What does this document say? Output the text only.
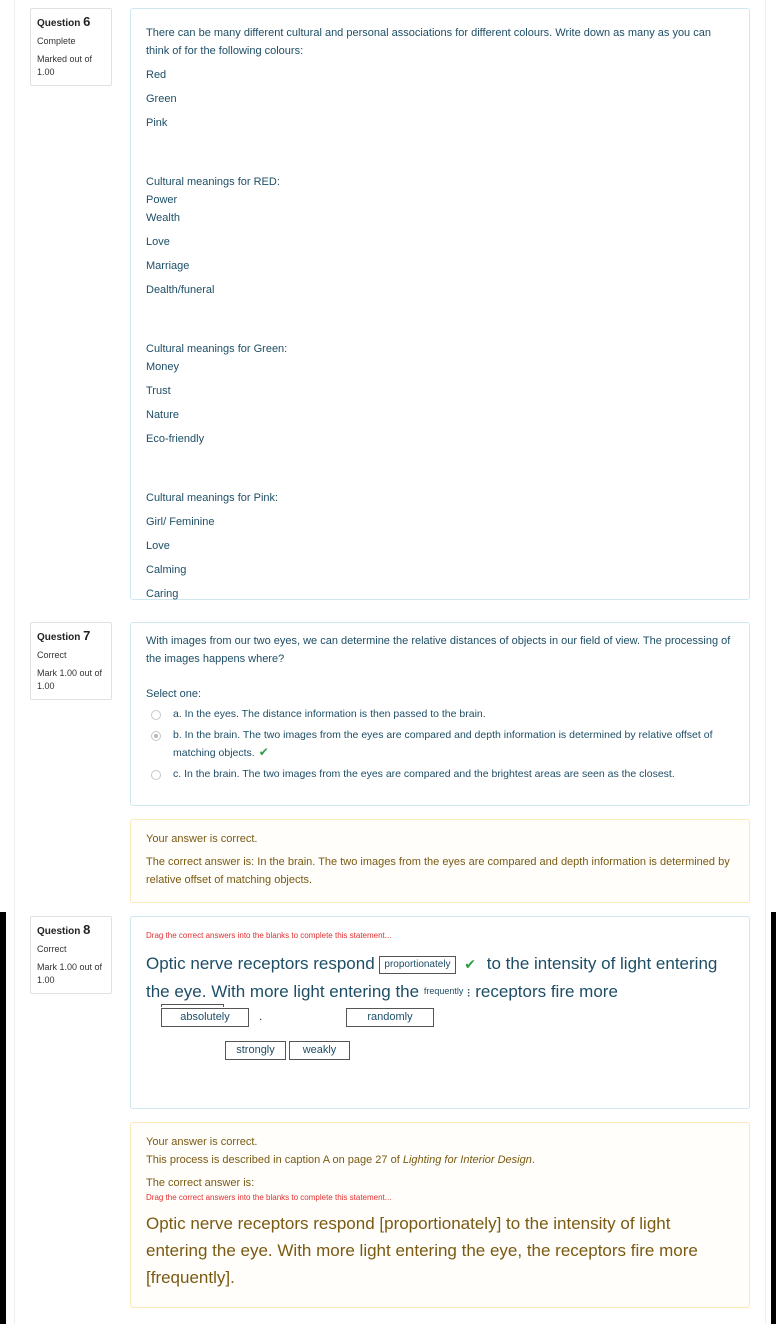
Question 6
Complete
Marked out of 1.00
There can be many different cultural and personal associations for different colours. Write down as many as you can think of for the following colours:
Red
Green
Pink
Cultural meanings for RED:
Power
Wealth
Love
Marriage
Dealth/funeral
Cultural meanings for Green:
Money
Trust
Nature
Eco-friendly
Cultural meanings for Pink:
Girl/ Feminine
Love
Calming
Caring
Question 7
Correct
Mark 1.00 out of 1.00
With images from our two eyes, we can determine the relative distances of objects in our field of view. The processing of the images happens where?
Select one:
a. In the eyes. The distance information is then passed to the brain.
b. In the brain. The two images from the eyes are compared and depth information is determined by relative offset of matching objects. ✔
c. In the brain. The two images from the eyes are compared and the brightest areas are seen as the closest.
Your answer is correct.
The correct answer is: In the brain. The two images from the eyes are compared and depth information is determined by relative offset of matching objects.
Question 8
Correct
Mark 1.00 out of 1.00
Drag the correct answers into the blanks to complete this statement...
Optic nerve receptors respond proportionately ✔ to the intensity of light entering the eye. With more light entering the frequently ⁝ receptors fire more
absolutely	.	randomly
strongly	weakly
Your answer is correct.
This process is described in caption A on page 27 of Lighting for Interior Design.
The correct answer is:
Drag the correct answers into the blanks to complete this statement...
Optic nerve receptors respond [proportionately] to the intensity of light entering the eye. With more light entering the eye, the receptors fire more [frequently].
